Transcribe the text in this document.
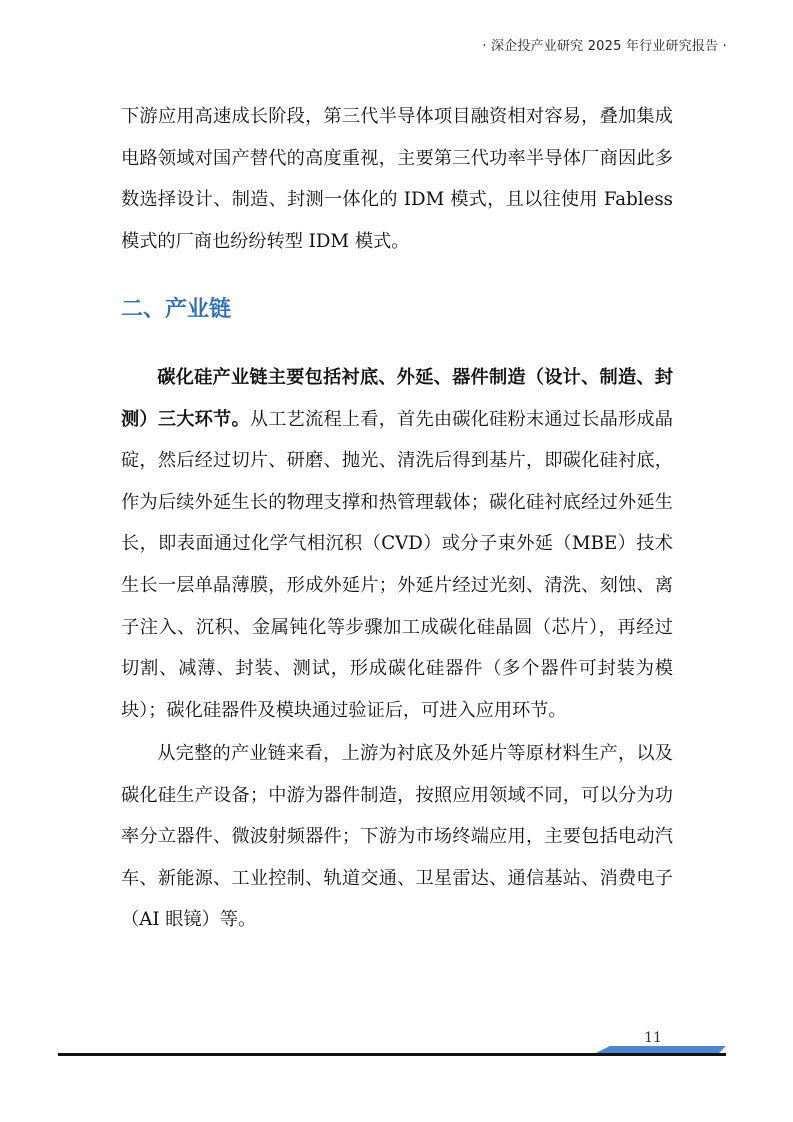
· 深企投产业研究 2025 年行业研究报告 ·

下游应用高速成长阶段，第三代半导体项目融资相对容易，叠加集成电路领域对国产替代的高度重视，主要第三代功率半导体厂商因此多数选择设计、制造、封测一体化的 IDM 模式，且以往使用 Fabless 模式的厂商也纷纷转型 IDM 模式。

二、产业链

碳化硅产业链主要包括衬底、外延、器件制造（设计、制造、封测）三大环节。从工艺流程上看，首先由碳化硅粉末通过长晶形成晶碇，然后经过切片、研磨、抛光、清洗后得到基片，即碳化硅衬底，作为后续外延生长的物理支撑和热管理载体；碳化硅衬底经过外延生长，即表面通过化学气相沉积（CVD）或分子束外延（MBE）技术生长一层单晶薄膜，形成外延片；外延片经过光刻、清洗、刻蚀、离子注入、沉积、金属钝化等步骤加工成碳化硅晶圆（芯片），再经过切割、减薄、封装、测试，形成碳化硅器件（多个器件可封装为模块）；碳化硅器件及模块通过验证后，可进入应用环节。

从完整的产业链来看，上游为衬底及外延片等原材料生产，以及碳化硅生产设备；中游为器件制造，按照应用领域不同，可以分为功率分立器件、微波射频器件；下游为市场终端应用，主要包括电动汽车、新能源、工业控制、轨道交通、卫星雷达、通信基站、消费电子（AI 眼镜）等。

11
